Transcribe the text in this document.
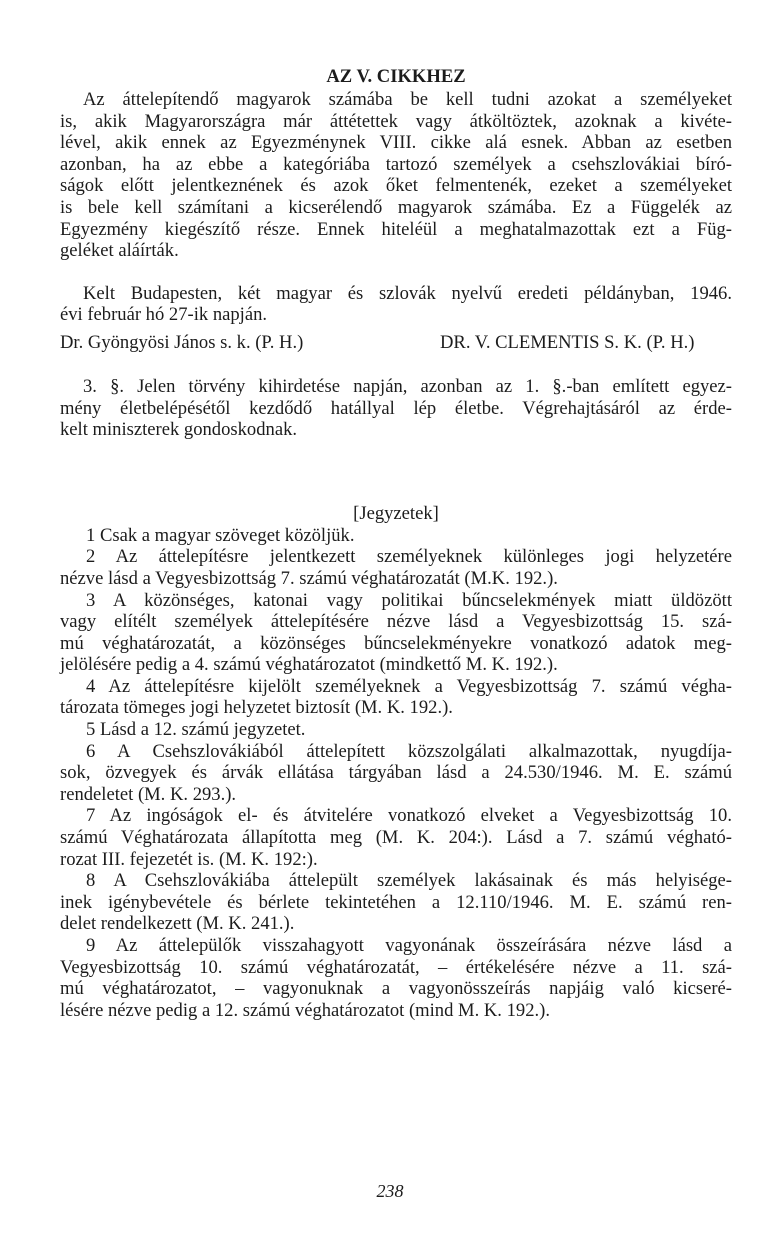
AZ V. CIKKHEZ
Az áttelepítendő magyarok számába be kell tudni azokat a személyeket
is, akik Magyarországra már áttétettek vagy átköltöztek, azoknak a kivéte-
lével, akik ennek az Egyezménynek VIII. cikke alá esnek. Abban az esetben
azonban, ha az ebbe a kategóriába tartozó személyek a csehszlovákiai bíró-
ságok előtt jelentkeznének és azok őket felmentenék, ezeket a személyeket
is bele kell számítani a kicserélendő magyarok számába. Ez a Függelék az
Egyezmény kiegészítő része. Ennek hiteléül a meghatalmazottak ezt a Füg-
geléket aláírták.
Kelt Budapesten, két magyar és szlovák nyelvű eredeti példányban, 1946.
évi február hó 27-ik napján.
Dr. Gyöngyösi János s. k. (P. H.)	DR. V. CLEMENTIS S. K. (P. H.)
3. §. Jelen törvény kihirdetése napján, azonban az 1. §.-ban említett egyez-
mény életbelépésétől kezdődő hatállyal lép életbe. Végrehajtásáról az érde-
kelt miniszterek gondoskodnak.
[Jegyzetek]
1 Csak a magyar szöveget közöljük.
2 Az áttelepítésre jelentkezett személyeknek különleges jogi helyzetére
nézve lásd a Vegyesbizottság 7. számú véghatározatát (M.K. 192.).
3 A közönséges, katonai vagy politikai bűncselekmények miatt üldözött
vagy elítélt személyek áttelepítésére nézve lásd a Vegyesbizottság 15. szá-
mú véghatározatát, a közönséges bűncselekményekre vonatkozó adatok meg-
jelölésére pedig a 4. számú véghatározatot (mindkettő M. K. 192.).
4 Az áttelepítésre kijelölt személyeknek a Vegyesbizottság 7. számú végha-
tározata tömeges jogi helyzetet biztosít (M. K. 192.).
5 Lásd a 12. számú jegyzetet.
6 A Csehszlovákiából áttelepített közszolgálati alkalmazottak, nyugdíja-
sok, özvegyek és árvák ellátása tárgyában lásd a 24.530/1946. M. E. számú
rendeletet (M. K. 293.).
7 Az ingóságok el- és átvitelére vonatkozó elveket a Vegyesbizottság 10.
számú Véghatározata állapította meg (M. K. 204:). Lásd a 7. számú végható-
rozat III. fejezetét is. (M. K. 192:).
8 A Csehszlovákiába áttelepült személyek lakásainak és más helyisége-
inek igénybevétele és bérlete tekintetéhen a 12.110/1946. M. E. számú ren-
delet rendelkezett (M. K. 241.).
9 Az áttelepülők visszahagyott vagyonának összeírására nézve lásd a
Vegyesbizottság 10. számú véghatározatát, – értékelésére nézve a 11. szá-
mú véghatározatot, – vagyonuknak a vagyonösszeírás napjáig való kicseré-
lésére nézve pedig a 12. számú véghatározatot (mind M. K. 192.).
238
